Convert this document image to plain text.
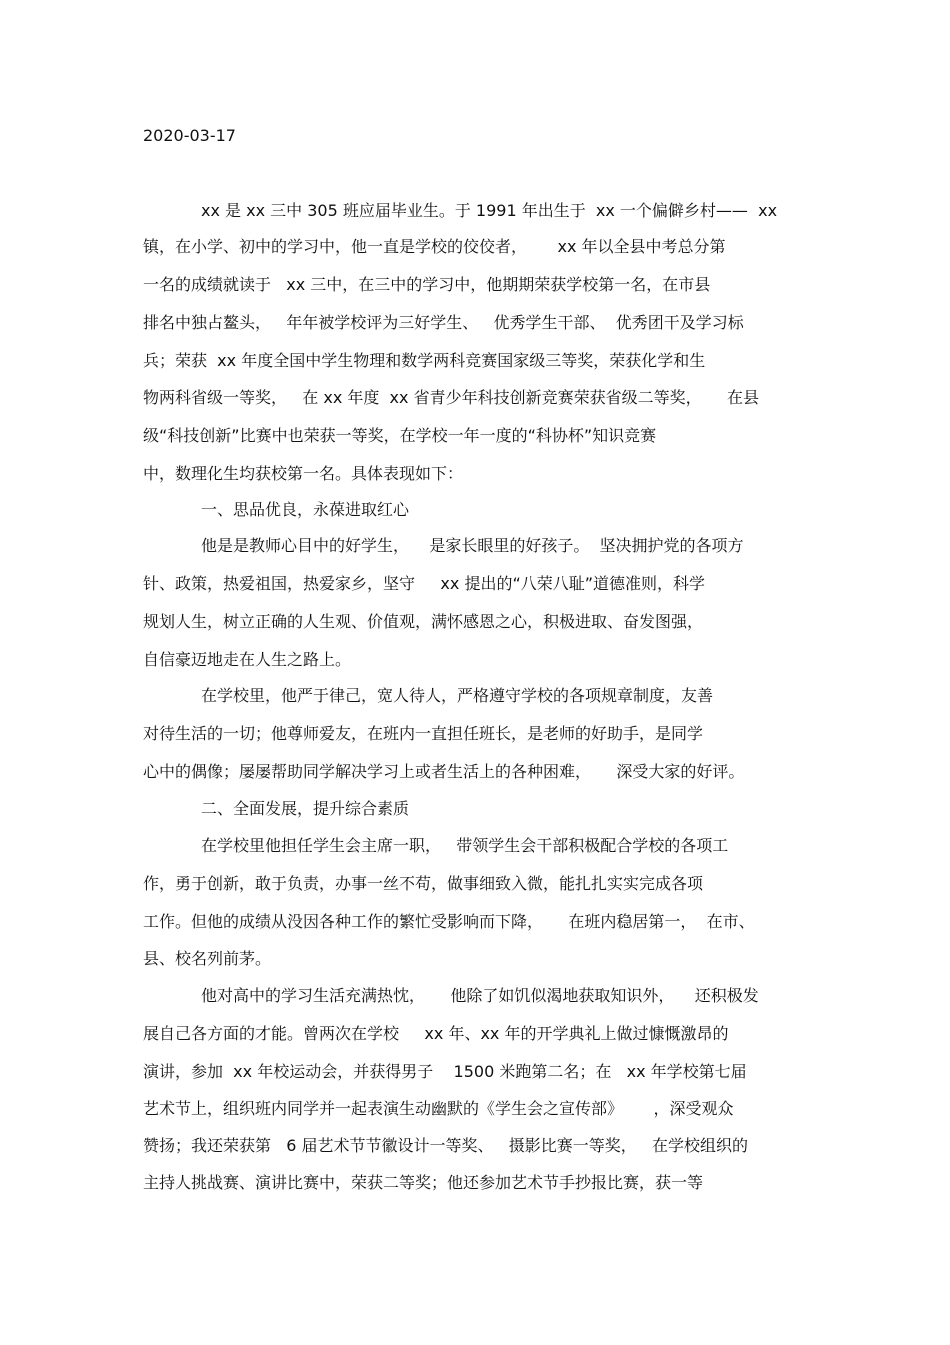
2020-03-17
xx 是 xx 三中 305 班应届毕业生。于 1991 年出生于  xx 一个偏僻乡村——  xx
镇，在小学、初中的学习中，他一直是学校的佼佼者，      xx 年以全县中考总分第
一名的成绩就读于   xx 三中，在三中的学习中，他期期荣获学校第一名，在市县
排名中独占鳌头，   年年被学校评为三好学生、   优秀学生干部、  优秀团干及学习标
兵；荣获  xx 年度全国中学生物理和数学两科竞赛国家级三等奖，荣获化学和生
物两科省级一等奖，   在 xx 年度  xx 省青少年科技创新竞赛荣获省级二等奖，     在县
级“科技创新”比赛中也荣获一等奖，在学校一年一度的“科协杯”知识竞赛
中，数理化生均获校第一名。具体表现如下：
一、思品优良，永葆进取红心
他是是教师心目中的好学生，    是家长眼里的好孩子。  坚决拥护党的各项方
针、政策，热爱祖国，热爱家乡，坚守     xx 提出的“八荣八耻”道德准则，科学
规划人生，树立正确的人生观、价值观，满怀感恩之心，积极进取、奋发图强，
自信豪迈地走在人生之路上。
在学校里，他严于律己，宽人待人，严格遵守学校的各项规章制度，友善
对待生活的一切；他尊师爱友，在班内一直担任班长，是老师的好助手，是同学
心中的偶像；屡屡帮助同学解决学习上或者生活上的各种困难，     深受大家的好评。
二、全面发展，提升综合素质
在学校里他担任学生会主席一职，   带领学生会干部积极配合学校的各项工
作，勇于创新，敢于负责，办事一丝不苟，做事细致入微，能扎扎实实完成各项
工作。但他的成绩从没因各种工作的繁忙受影响而下降，     在班内稳居第一，  在市、
县、校名列前茅。
他对高中的学习生活充满热忱，     他除了如饥似渴地获取知识外，    还积极发
展自己各方面的才能。曾两次在学校     xx 年、xx 年的开学典礼上做过慷慨激昂的
演讲，参加  xx 年校运动会，并获得男子    1500 米跑第二名；在   xx 年学校第七届
艺术节上，组织班内同学并一起表演生动幽默的《学生会之宣传部》      ，深受观众
赞扬；我还荣获第   6 届艺术节节徽设计一等奖、   摄影比赛一等奖，   在学校组织的
主持人挑战赛、演讲比赛中，荣获二等奖；他还参加艺术节手抄报比赛，获一等
